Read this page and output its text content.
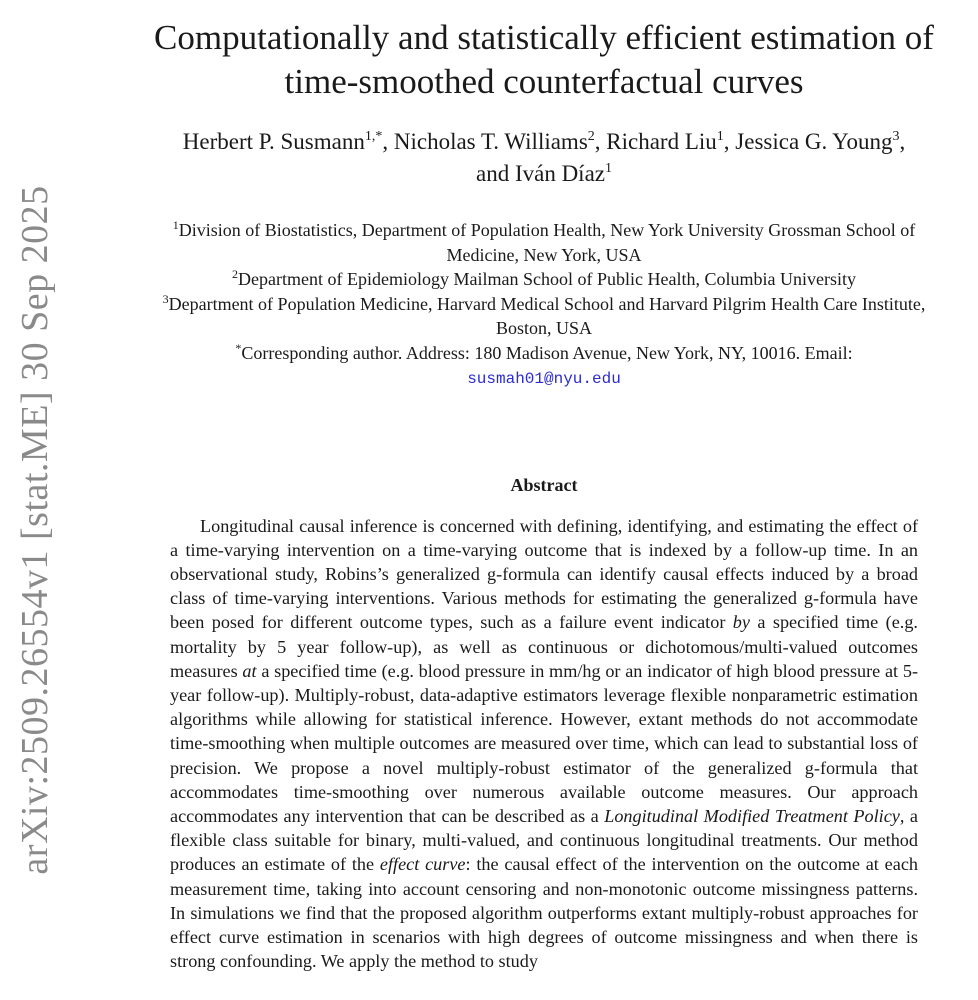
arXiv:2509.26554v1 [stat.ME] 30 Sep 2025
Computationally and statistically efficient estimation of
time-smoothed counterfactual curves
Herbert P. Susmann$^{1,*}$, Nicholas T. Williams$^2$, Richard Liu$^1$, Jessica G. Young$^3$,
and Iván Díaz$^1$
$^1$Division of Biostatistics, Department of Population Health, New York University Grossman School of
Medicine, New York, USA
$^2$Department of Epidemiology Mailman School of Public Health, Columbia University
$^3$Department of Population Medicine, Harvard Medical School and Harvard Pilgrim Health Care Institute,
Boston, USA
*Corresponding author. Address: 180 Madison Avenue, New York, NY, 10016. Email:
susmah01@nyu.edu
Abstract

Longitudinal causal inference is concerned with defining, identifying, and estimating the effect of a time-varying intervention on a time-varying outcome that is indexed by a follow-up time. In an observational study, Robins’s generalized g-formula can identify causal effects induced by a broad class of time-varying interventions. Various methods for estimating the generalized g-formula have been posed for different outcome types, such as a failure event indicator by a specified time (e.g. mortality by 5 year follow-up), as well as continuous or dichotomous/multi-valued outcomes measures at a specified time (e.g. blood pressure in mm/hg or an indicator of high blood pressure at 5-year follow-up). Multiply-robust, data-adaptive estimators leverage flexible nonparametric estimation algorithms while allowing for statistical inference. However, extant methods do not accommodate time-smoothing when multiple outcomes are measured over time, which can lead to substantial loss of precision. We propose a novel multiply-robust estimator of the generalized g-formula that accommodates time-smoothing over numerous available outcome measures. Our approach accommodates any intervention that can be described as a Longitudinal Modified Treatment Policy, a flexible class suitable for binary, multi-valued, and continuous longitudinal treatments. Our method produces an estimate of the effect curve: the causal effect of the intervention on the outcome at each measurement time, taking into account censoring and non-monotonic outcome missingness patterns. In simulations we find that the proposed algorithm outperforms extant multiply-robust approaches for effect curve estimation in scenarios with high degrees of outcome missingness and when there is strong confounding. We apply the method to study
